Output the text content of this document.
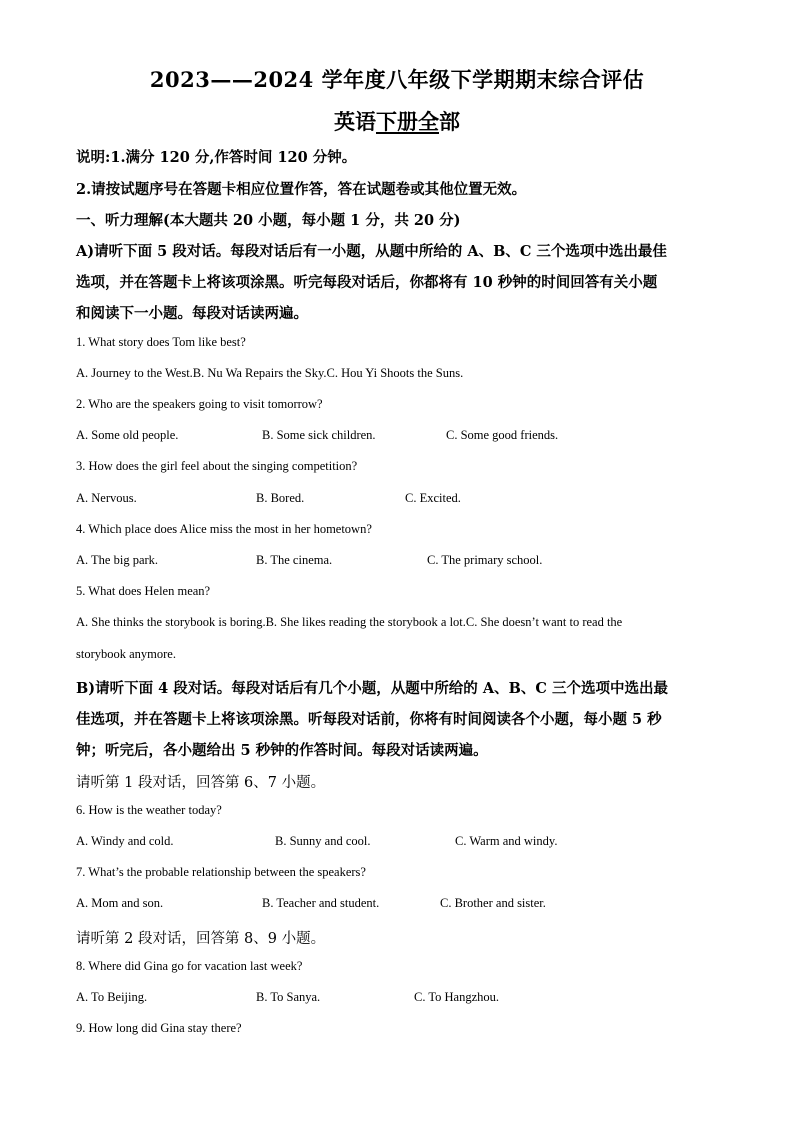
2023——2024 学年度八年级下学期期末综合评估
英语下册全部
说明:1.满分 120 分,作答时间 120 分钟。
2.请按试题序号在答题卡相应位置作答，答在试题卷或其他位置无效。
一、听力理解(本大题共 20 小题，每小题 1 分，共 20 分)
A)请听下面 5 段对话。每段对话后有一小题，从题中所给的 A、B、C 三个选项中选出最佳
选项，并在答题卡上将该项涂黑。听完每段对话后，你都将有 10 秒钟的时间回答有关小题
和阅读下一小题。每段对话读两遍。
1. What story does Tom like best?
A. Journey to the West.B. Nu Wa Repairs the Sky.C. Hou Yi Shoots the Suns.
2. Who are the speakers going to visit tomorrow?
A. Some old people.	B. Some sick children.	C. Some good friends.
3. How does the girl feel about the singing competition?
A. Nervous.	B. Bored.	C. Excited.
4. Which place does Alice miss the most in her hometown?
A. The big park.	B. The cinema.	C. The primary school.
5. What does Helen mean?
A. She thinks the storybook is boring.B. She likes reading the storybook a lot.C. She doesn’t want to read the
storybook anymore.
B)请听下面 4 段对话。每段对话后有几个小题，从题中所给的 A、B、C 三个选项中选出最
佳选项，并在答题卡上将该项涂黑。听每段对话前，你将有时间阅读各个小题，每小题 5 秒
钟；听完后，各小题给出 5 秒钟的作答时间。每段对话读两遍。
请听第 1 段对话，回答第 6、7 小题。
6. How is the weather today?
A. Windy and cold.	B. Sunny and cool.	C. Warm and windy.
7. What’s the probable relationship between the speakers?
A. Mom and son.	B. Teacher and student.	C. Brother and sister.
请听第 2 段对话，回答第 8、9 小题。
8. Where did Gina go for vacation last week?
A. To Beijing.	B. To Sanya.	C. To Hangzhou.
9. How long did Gina stay there?
